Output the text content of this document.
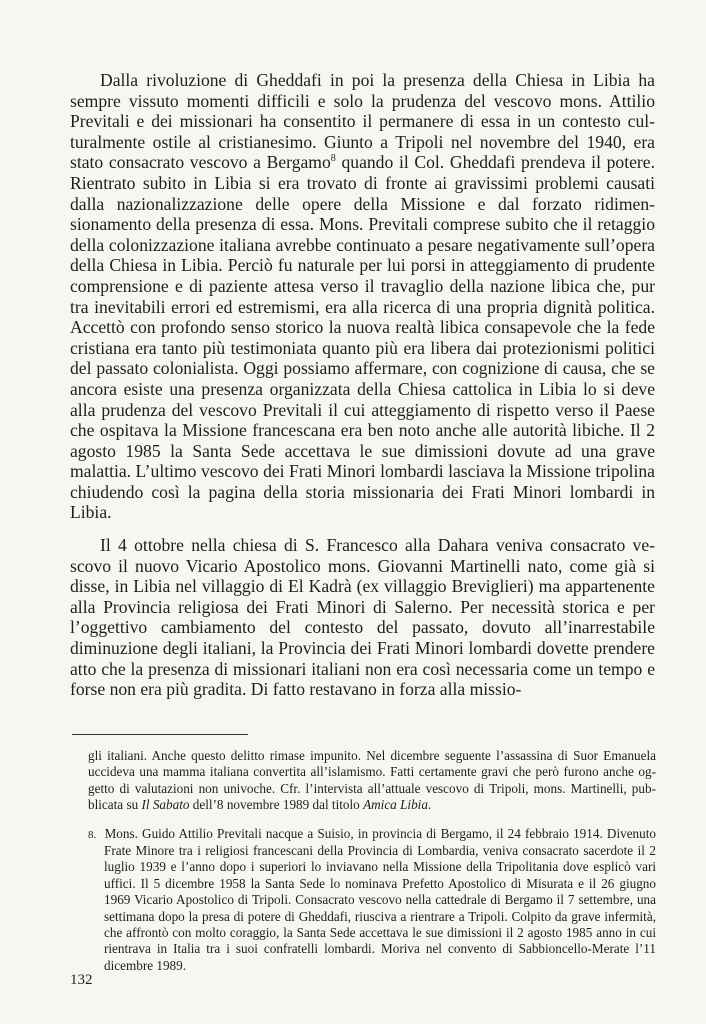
Dalla rivoluzione di Gheddafi in poi la presenza della Chiesa in Libia ha sempre vissuto momenti difficili e solo la prudenza del vescovo mons. Attilio Previtali e dei missionari ha consentito il permanere di essa in un contesto culturalmente ostile al cristianesimo. Giunto a Tripoli nel novembre del 1940, era stato consacrato vescovo a Bergamo$^8$ quando il Col. Gheddafi prendeva il potere. Rientrato subito in Libia si era trovato di fronte ai gravissimi problemi causati dalla nazionalizzazione delle opere della Missione e dal forzato ridimensionamento della presenza di essa. Mons. Previtali comprese subito che il retaggio della colonizzazione italiana avrebbe continuato a pesare negativamente sull’opera della Chiesa in Libia. Perciò fu naturale per lui porsi in atteggiamento di prudente comprensione e di paziente attesa verso il travaglio della nazione libica che, pur tra inevitabili errori ed estremismi, era alla ricerca di una propria dignità politica. Accettò con profondo senso storico la nuova realtà libica consapevole che la fede cristiana era tanto più testimoniata quanto più era libera dai protezionismi politici del passato colonialista. Oggi possiamo affermare, con cognizione di causa, che se ancora esiste una presenza organizzata della Chiesa cattolica in Libia lo si deve alla prudenza del vescovo Previtali il cui atteggiamento di rispetto verso il Paese che ospitava la Missione francescana era ben noto anche alle autorità libiche. Il 2 agosto 1985 la Santa Sede accettava le sue dimissioni dovute ad una grave malattia. L’ultimo vescovo dei Frati Minori lombardi lasciava la Missione tripolina chiudendo così la pagina della storia missionaria dei Frati Minori lombardi in Libia.

Il 4 ottobre nella chiesa di S. Francesco alla Dahara veniva consacrato vescovo il nuovo Vicario Apostolico mons. Giovanni Martinelli nato, come già si disse, in Libia nel villaggio di El Kadrà (ex villaggio Breviglieri) ma appartenente alla Provincia religiosa dei Frati Minori di Salerno. Per necessità storica e per l’oggettivo cambiamento del contesto del passato, dovuto all’inarrestabile diminuzione degli italiani, la Provincia dei Frati Minori lombardi dovette prendere atto che la presenza di missionari italiani non era così necessaria come un tempo e forse non era più gradita. Di fatto restavano in forza alla missio-

gli italiani. Anche questo delitto rimase impunito. Nel dicembre seguente l’assassina di Suor Emanuela uccideva una mamma italiana convertita all’islamismo. Fatti certamente gravi che però furono anche oggetto di valutazioni non univoche. Cfr. l’intervista all’attuale vescovo di Tripoli, mons. Martinelli, pubblicata su Il Sabato dell’8 novembre 1989 dal titolo Amica Libia.

8. Mons. Guido Attilio Previtali nacque a Suisio, in provincia di Bergamo, il 24 febbraio 1914. Divenuto Frate Minore tra i religiosi francescani della Provincia di Lombardia, veniva consacrato sacerdote il 2 luglio 1939 e l’anno dopo i superiori lo inviavano nella Missione della Tripolitania dove esplicò vari uffici. Il 5 dicembre 1958 la Santa Sede lo nominava Prefetto Apostolico di Misurata e il 26 giugno 1969 Vicario Apostolico di Tripoli. Consacrato vescovo nella cattedrale di Bergamo il 7 settembre, una settimana dopo la presa di potere di Gheddafi, riusciva a rientrare a Tripoli. Colpito da grave infermità, che affrontò con molto coraggio, la Santa Sede accettava le sue dimissioni il 2 agosto 1985 anno in cui rientrava in Italia tra i suoi confratelli lombardi. Moriva nel convento di Sabbioncello-Merate l’11 dicembre 1989.

132
